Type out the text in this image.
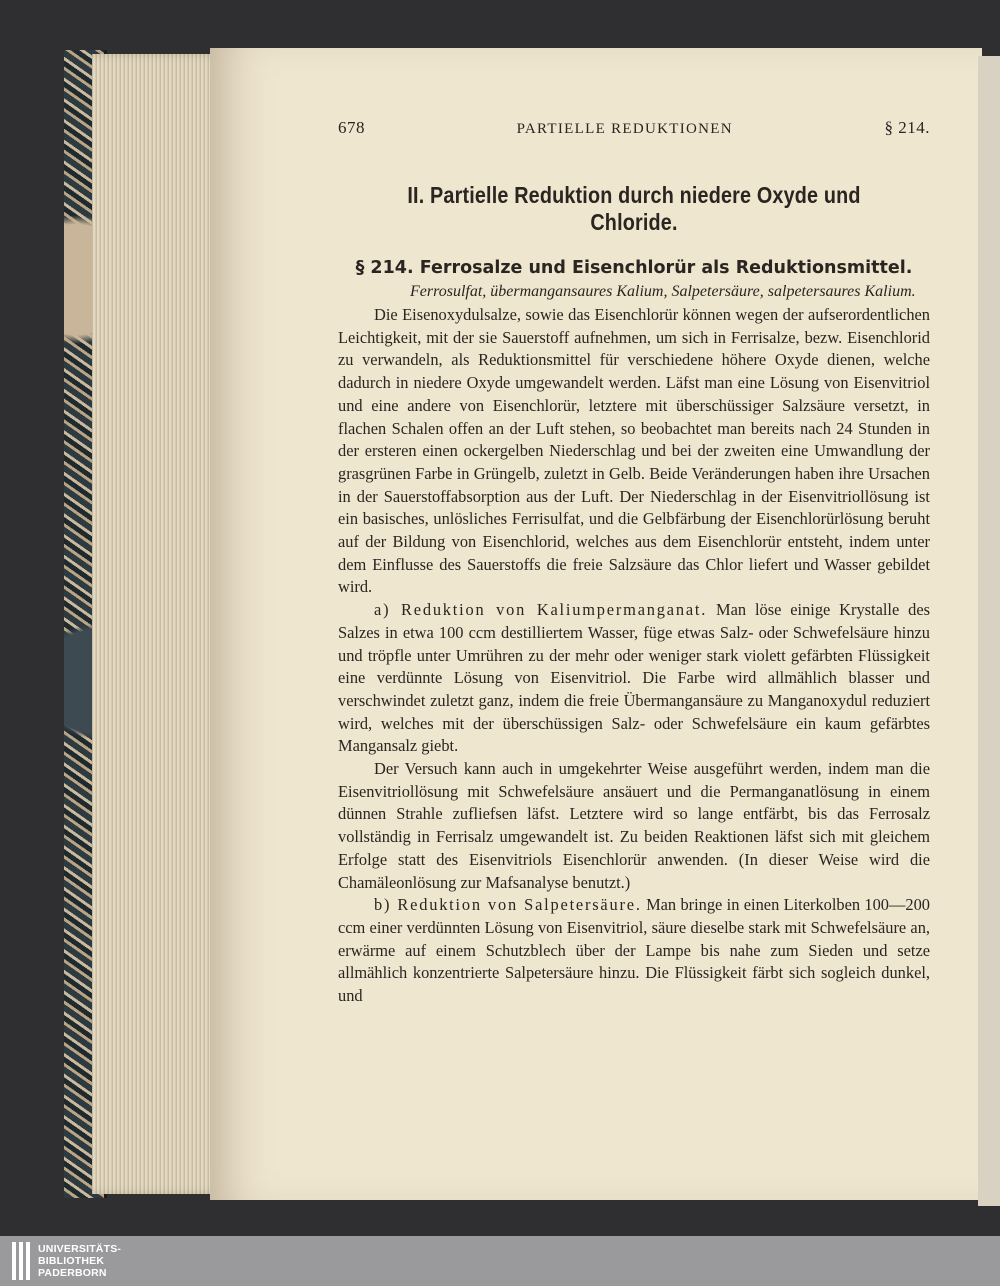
678	PARTIELLE REDUKTIONEN	§ 214.
II. Partielle Reduktion durch niedere Oxyde und Chloride.
§ 214. Ferrosalze und Eisenchlorür als Reduktionsmittel.

Ferrosulfat, übermangansaures Kalium, Salpetersäure, salpetersaures Kalium.

Die Eisenoxydulsalze, sowie das Eisenchlorür können wegen der aufserordentlichen Leichtigkeit, mit der sie Sauerstoff aufnehmen, um sich in Ferrisalze, bezw. Eisenchlorid zu verwandeln, als Reduktionsmittel für verschiedene höhere Oxyde dienen, welche dadurch in niedere Oxyde umgewandelt werden. Läfst man eine Lösung von Eisenvitriol und eine andere von Eisenchlorür, letztere mit überschüssiger Salzsäure versetzt, in flachen Schalen offen an der Luft stehen, so beobachtet man bereits nach 24 Stunden in der ersteren einen ockergelben Niederschlag und bei der zweiten eine Umwandlung der grasgrünen Farbe in Grüngelb, zuletzt in Gelb. Beide Veränderungen haben ihre Ursachen in der Sauerstoffabsorption aus der Luft. Der Niederschlag in der Eisenvitriollösung ist ein basisches, unlösliches Ferrisulfat, und die Gelbfärbung der Eisenchlorürlösung beruht auf der Bildung von Eisenchlorid, welches aus dem Eisenchlorür entsteht, indem unter dem Einflusse des Sauerstoffs die freie Salzsäure das Chlor liefert und Wasser gebildet wird.

a) Reduktion von Kaliumpermanganat. Man löse einige Krystalle des Salzes in etwa 100 ccm destilliertem Wasser, füge etwas Salz- oder Schwefelsäure hinzu und tröpfle unter Umrühren zu der mehr oder weniger stark violett gefärbten Flüssigkeit eine verdünnte Lösung von Eisenvitriol. Die Farbe wird allmählich blasser und verschwindet zuletzt ganz, indem die freie Übermangansäure zu Manganoxydul reduziert wird, welches mit der überschüssigen Salz- oder Schwefelsäure ein kaum gefärbtes Mangansalz giebt.

Der Versuch kann auch in umgekehrter Weise ausgeführt werden, indem man die Eisenvitriollösung mit Schwefelsäure ansäuert und die Permanganatlösung in einem dünnen Strahle zufliefsen läfst. Letztere wird so lange entfärbt, bis das Ferrosalz vollständig in Ferrisalz umgewandelt ist. Zu beiden Reaktionen läfst sich mit gleichem Erfolge statt des Eisenvitriols Eisenchlorür anwenden. (In dieser Weise wird die Chamäleonlösung zur Mafsanalyse benutzt.)

b) Reduktion von Salpetersäure. Man bringe in einen Literkolben 100—200 ccm einer verdünnten Lösung von Eisenvitriol, säure dieselbe stark mit Schwefelsäure an, erwärme auf einem Schutzblech über der Lampe bis nahe zum Sieden und setze allmählich konzentrierte Salpetersäure hinzu. Die Flüssigkeit färbt sich sogleich dunkel, und

UNIVERSITÄTS-
BIBLIOTHEK
PADERBORN
